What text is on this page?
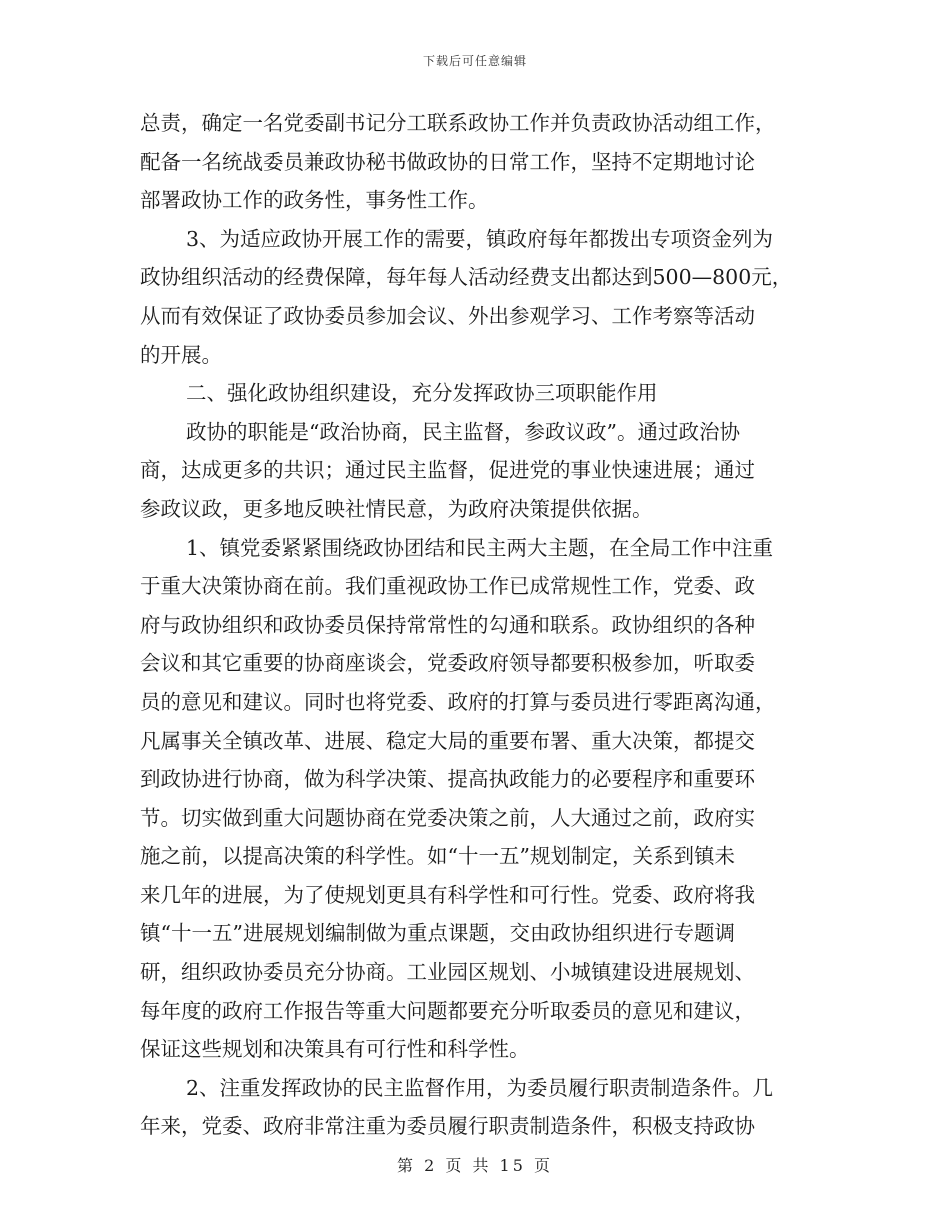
下载后可任意编辑
总责，确定一名党委副书记分工联系政协工作并负责政协活动组工作，
配备一名统战委员兼政协秘书做政协的日常工作，坚持不定期地讨论
部署政协工作的政务性，事务性工作。
3、为适应政协开展工作的需要，镇政府每年都拨出专项资金列为
政协组织活动的经费保障，每年每人活动经费支出都达到500—800元，
从而有效保证了政协委员参加会议、外出参观学习、工作考察等活动
的开展。
二、强化政协组织建设，充分发挥政协三项职能作用
政协的职能是“政治协商，民主监督，参政议政”。通过政治协
商，达成更多的共识；通过民主监督，促进党的事业快速进展；通过
参政议政，更多地反映社情民意，为政府决策提供依据。
1、镇党委紧紧围绕政协团结和民主两大主题，在全局工作中注重
于重大决策协商在前。我们重视政协工作已成常规性工作，党委、政
府与政协组织和政协委员保持常常性的勾通和联系。政协组织的各种
会议和其它重要的协商座谈会，党委政府领导都要积极参加，听取委
员的意见和建议。同时也将党委、政府的打算与委员进行零距离沟通，
凡属事关全镇改革、进展、稳定大局的重要布署、重大决策，都提交
到政协进行协商，做为科学决策、提高执政能力的必要程序和重要环
节。切实做到重大问题协商在党委决策之前，人大通过之前，政府实
施之前，以提高决策的科学性。如“十一五”规划制定，关系到镇未
来几年的进展，为了使规划更具有科学性和可行性。党委、政府将我
镇“十一五”进展规划编制做为重点课题，交由政协组织进行专题调
研，组织政协委员充分协商。工业园区规划、小城镇建设进展规划、
每年度的政府工作报告等重大问题都要充分听取委员的意见和建议，
保证这些规划和决策具有可行性和科学性。
2、注重发挥政协的民主监督作用，为委员履行职责制造条件。几
年来，党委、政府非常注重为委员履行职责制造条件，积极支持政协
第 2 页 共 15 页
